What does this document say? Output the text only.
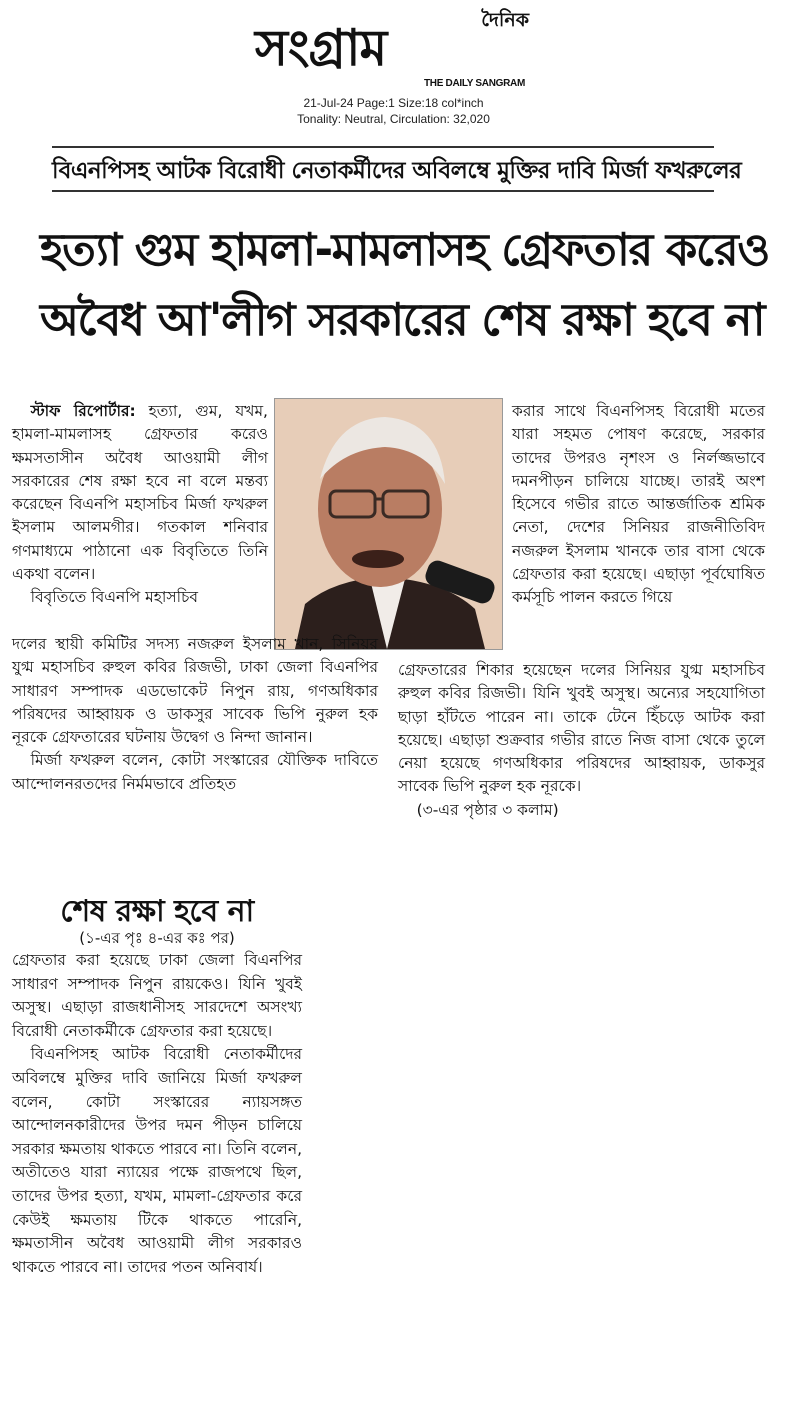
দৈনিক
সংগ্রাম
THE DAILY SANGRAM
21-Jul-24 Page:1 Size:18 col*inch
Tonality: Neutral, Circulation: 32,020
বিএনপিসহ আটক বিরোধী নেতাকর্মীদের অবিলম্বে মুক্তির দাবি মির্জা ফখরুলের
হত্যা গুম হামলা-মামলাসহ গ্রেফতার করেও
অবৈধ আ'লীগ সরকারের শেষ রক্ষা হবে না

স্টাফ রিপোর্টার: হত্যা, গুম, যখম, হামলা-মামলাসহ গ্রেফতার করেও ক্ষমসতাসীন অবৈধ আওয়ামী লীগ সরকারের শেষ রক্ষা হবে না বলে মন্তব্য করেছেন বিএনপি মহাসচিব মির্জা ফখরুল ইসলাম আলমগীর। গতকাল শনিবার গণমাধ্যমে পাঠানো এক বিবৃতিতে তিনি একথা বলেন।

বিবৃতিতে বিএনপি মহাসচিব

করার সাথে বিএনপিসহ বিরোধী মতের যারা সহমত পোষণ করেছে, সরকার তাদের উপরও নৃশংস ও নির্লজ্জভাবে দমনপীড়ন চালিয়ে যাচ্ছে। তারই অংশ হিসেবে গভীর রাতে আন্তর্জাতিক শ্রমিক নেতা, দেশের সিনিয়র রাজনীতিবিদ নজরুল ইসলাম খানকে তার বাসা থেকে গ্রেফতার করা হয়েছে। এছাড়া পূর্বঘোষিত কর্মসূচি পালন করতে গিয়ে

দলের স্থায়ী কমিটির সদস্য নজরুল ইসলাম খান, সিনিয়র যুগ্ম মহাসচিব রুহুল কবির রিজভী, ঢাকা জেলা বিএনপির সাধারণ সম্পাদক এডভোকেট নিপুন রায়, গণঅধিকার পরিষদের আহ্বায়ক ও ডাকসুর সাবেক ভিপি নুরুল হক নূরকে গ্রেফতারের ঘটনায় উদ্বেগ ও নিন্দা জানান।

মির্জা ফখরুল বলেন, কোটা সংস্কারের যৌক্তিক দাবিতে আন্দোলনরতদের নির্মমভাবে প্রতিহত

গ্রেফতারের শিকার হয়েছেন দলের সিনিয়র যুগ্ম মহাসচিব রুহুল কবির রিজভী। যিনি খুবই অসুস্থ। অন্যের সহযোগিতা ছাড়া হাঁটতে পারেন না। তাকে টেনে হিঁচড়ে আটক করা হয়েছে। এছাড়া শুক্রবার গভীর রাতে নিজ বাসা থেকে তুলে নেয়া হয়েছে গণঅধিকার পরিষদের আহ্বায়ক, ডাকসুর সাবেক ভিপি নুরুল হক নূরকে।

(৩-এর পৃষ্ঠার ৩ কলাম)

শেষ রক্ষা হবে না
(১-এর পৃঃ ৪-এর কঃ পর)

গ্রেফতার করা হয়েছে ঢাকা জেলা বিএনপির সাধারণ সম্পাদক নিপুন রায়কেও। যিনি খুবই অসুস্থ। এছাড়া রাজধানীসহ সারদেশে অসংখ্য বিরোধী নেতাকর্মীকে গ্রেফতার করা হয়েছে।

বিএনপিসহ আটক বিরোধী নেতাকর্মীদের অবিলম্বে মুক্তির দাবি জানিয়ে মির্জা ফখরুল বলেন, কোটা সংস্কারের ন্যায়সঙ্গত আন্দোলনকারীদের উপর দমন পীড়ন চালিয়ে সরকার ক্ষমতায় থাকতে পারবে না। তিনি বলেন, অতীতেও যারা ন্যায়ের পক্ষে রাজপথে ছিল, তাদের উপর হত্যা, যখম, মামলা-গ্রেফতার করে কেউই ক্ষমতায় টিকে থাকতে পারেনি, ক্ষমতাসীন অবৈধ আওয়ামী লীগ সরকারও থাকতে পারবে না। তাদের পতন অনিবার্য।
